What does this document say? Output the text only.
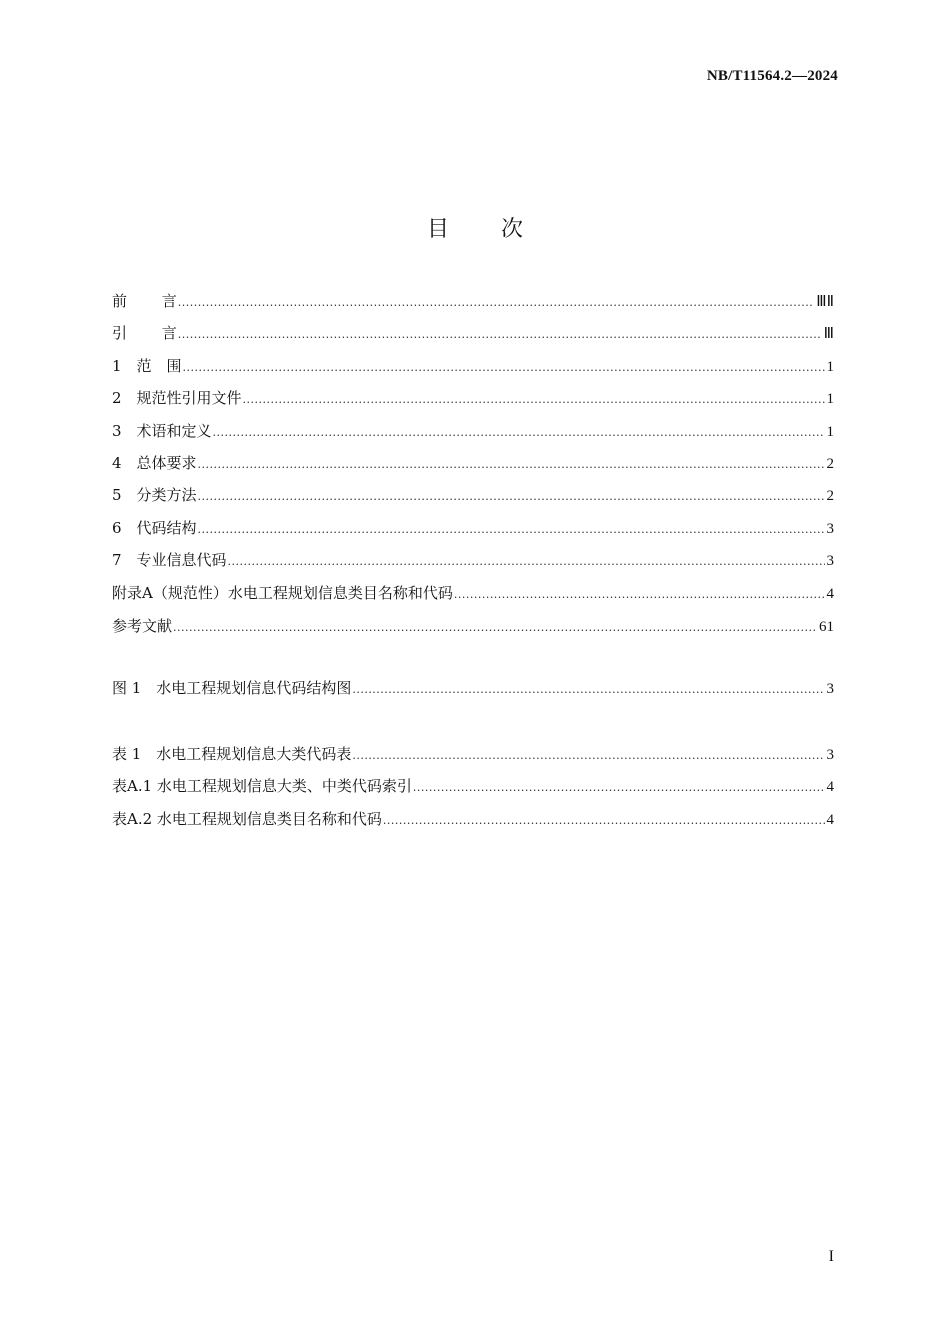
NB/T11564.2—2024
目 次
前　　 言 .....	ⅢⅡ
引　　 言 .....	Ⅲ
1　范　围 .....	1
2　规范性引用文件 .....	1
3　术语和定义 .....	1
4　总体要求 .....	2
5　分类方法 .....	2
6　代码结构 .....	3
7　专业信息代码 .....	3
附录A（规范性）水电工程规划信息类目名称和代码 .....	4
参考文献 .....	61
图 1　水电工程规划信息代码结构图 .....	3
表 1　水电工程规划信息大类代码表 .....	3
表A.1 水电工程规划信息大类、中类代码索引 .....	4
表A.2 水电工程规划信息类目名称和代码 .....	4
I
